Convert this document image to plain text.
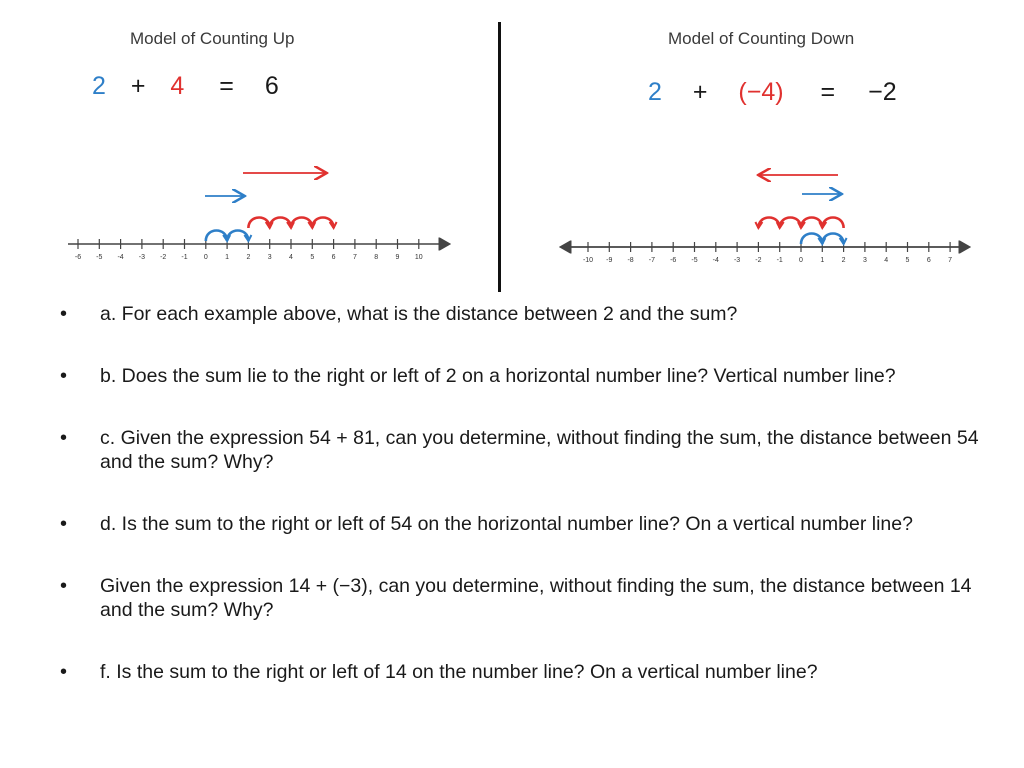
Model of Counting Up
2 + 4 = 6
Model of Counting Down
2 + (−4) = −2
-6 -5 -4 -3 -2 -1 0 1 2 3 4 5 6 7 8 9 10	-10 -9 -8 -7 -6 -5 -4 -3 -2 -1 0 1 2 3 4 5 6 7
• a. For each example above, what is the distance between 2 and the sum?
• b. Does the sum lie to the right or left of 2 on a horizontal number line? Vertical number line?
• c. Given the expression 54 + 81, can you determine, without finding the sum, the distance between 54 and the sum? Why?
• d. Is the sum to the right or left of 54 on the horizontal number line? On a vertical number line?
• Given the expression 14 + (−3), can you determine, without finding the sum, the distance between 14 and the sum? Why?
• f. Is the sum to the right or left of 14 on the number line? On a vertical number line?
